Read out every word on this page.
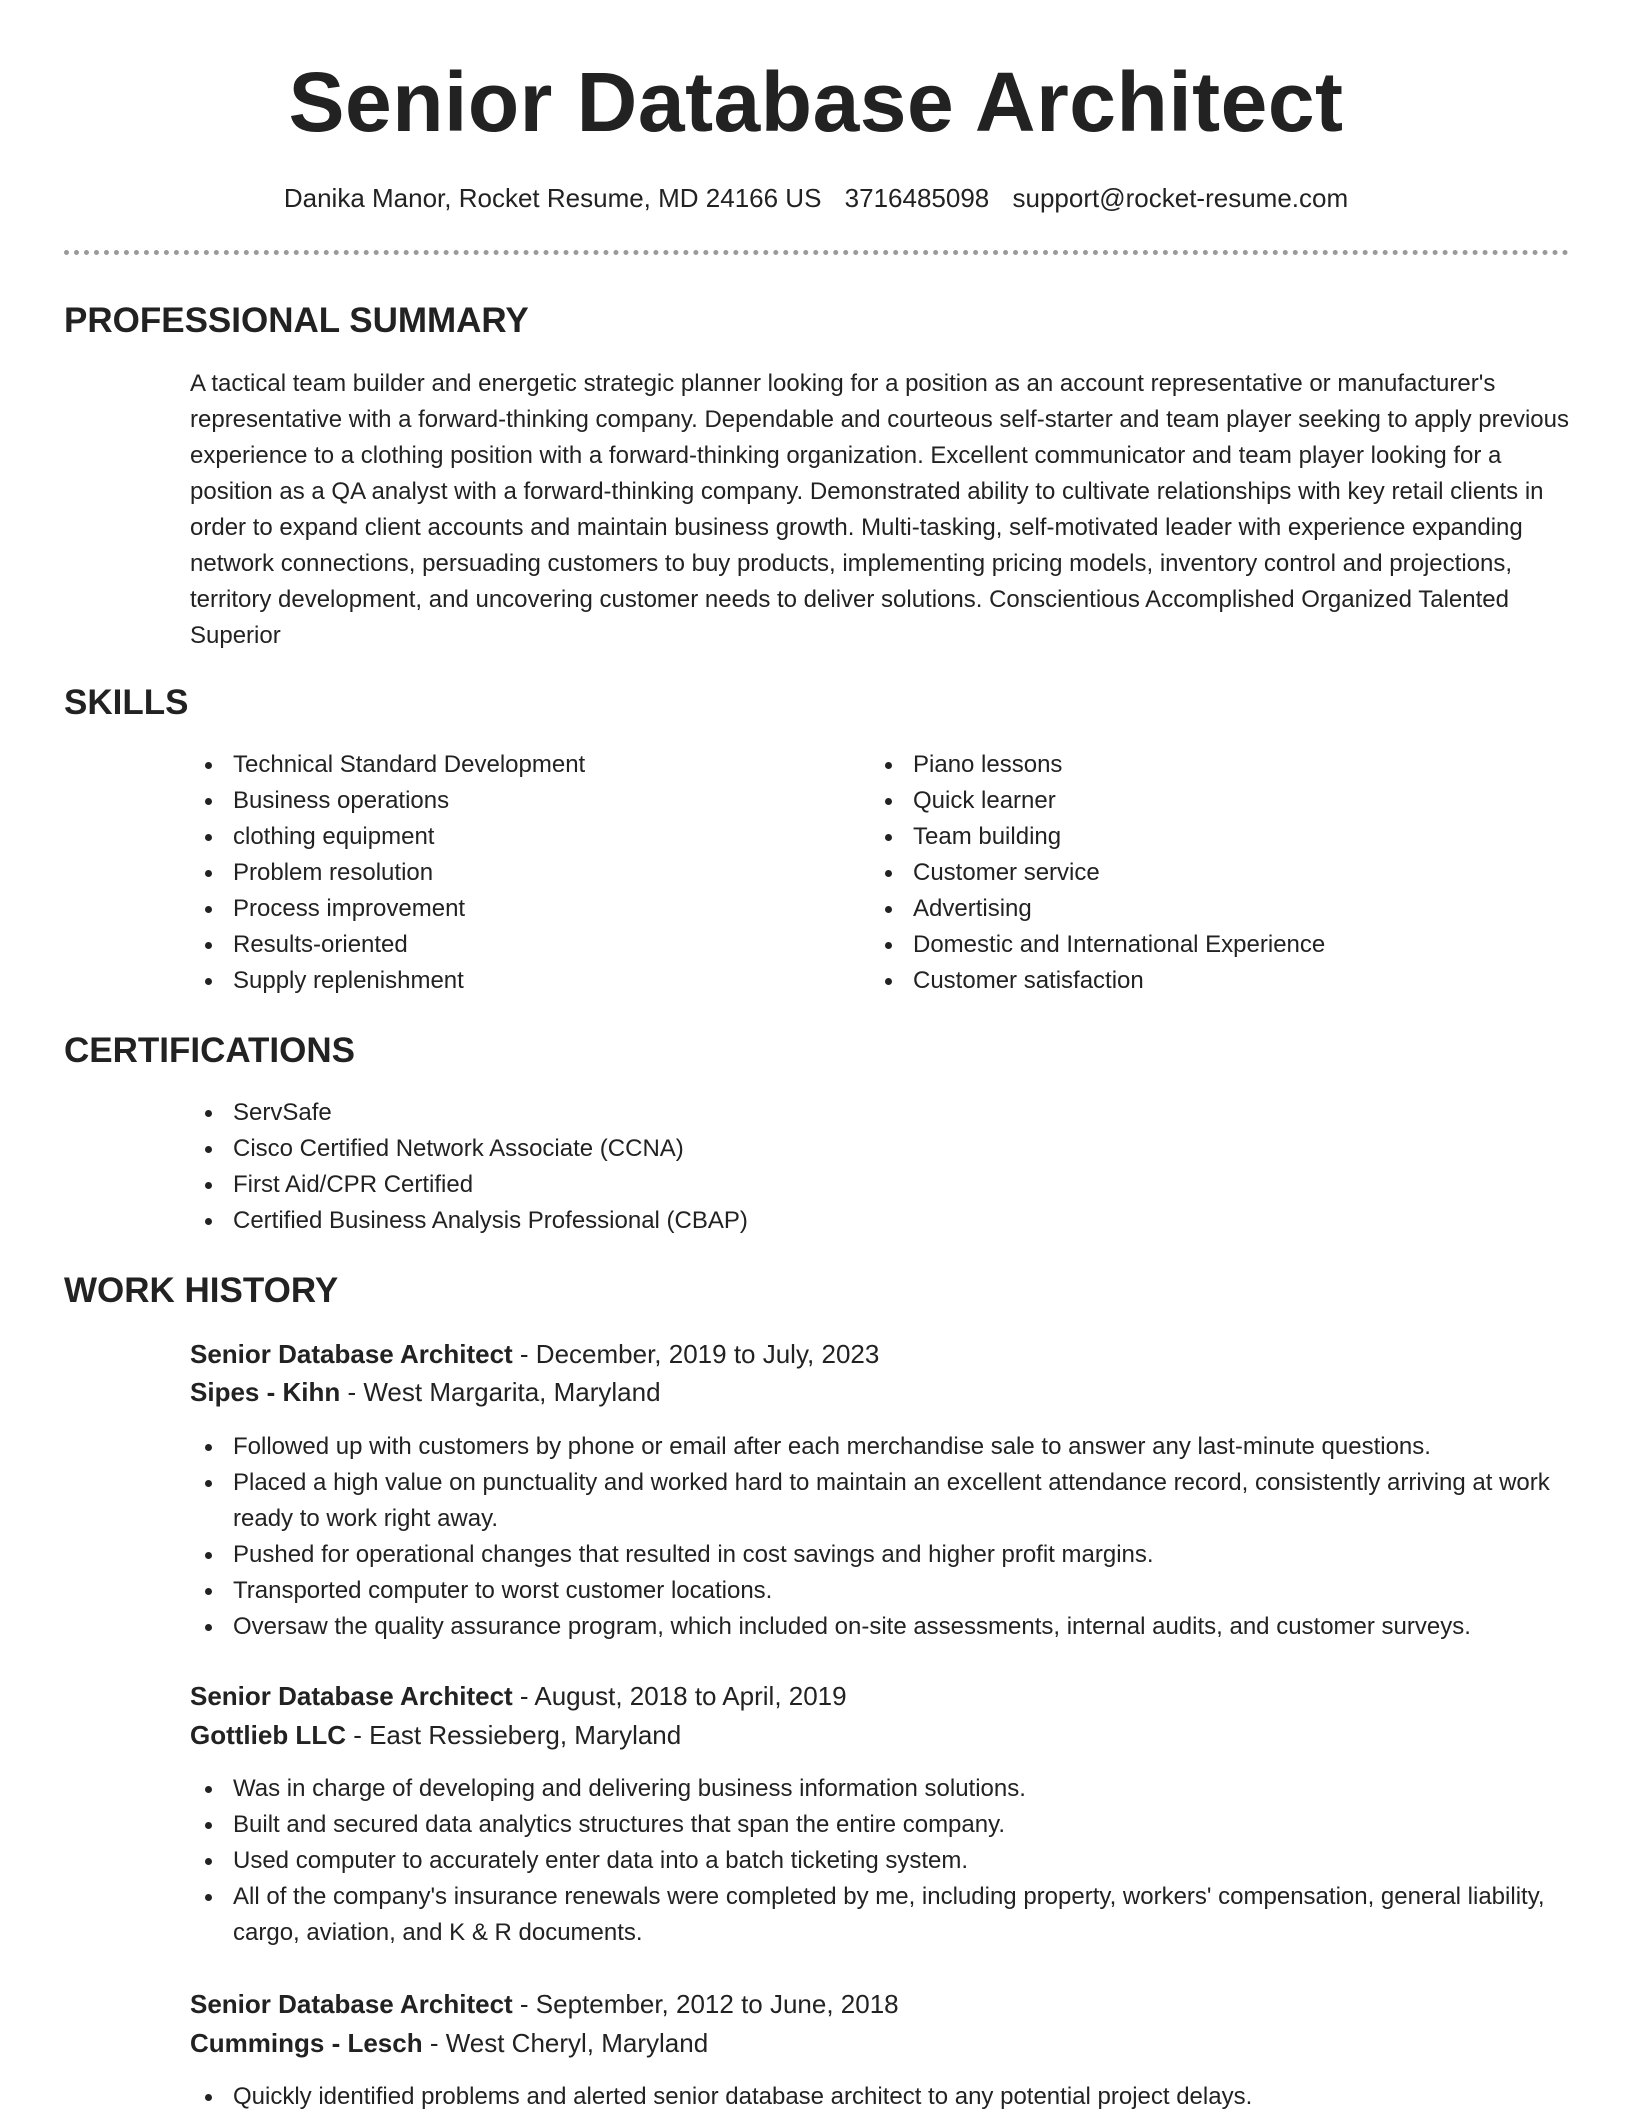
Senior Database Architect
Danika Manor, Rocket Resume, MD 24166 US 3716485098 support@rocket-resume.com
PROFESSIONAL SUMMARY

A tactical team builder and energetic strategic planner looking for a position as an account representative or manufacturer's representative with a forward-thinking company. Dependable and courteous self-starter and team player seeking to apply previous experience to a clothing position with a forward-thinking organization. Excellent communicator and team player looking for a position as a QA analyst with a forward-thinking company. Demonstrated ability to cultivate relationships with key retail clients in order to expand client accounts and maintain business growth. Multi-tasking, self-motivated leader with experience expanding network connections, persuading customers to buy products, implementing pricing models, inventory control and projections, territory development, and uncovering customer needs to deliver solutions. Conscientious Accomplished Organized Talented Superior

SKILLS
Technical Standard Development
Business operations
clothing equipment
Problem resolution
Process improvement
Results-oriented
Supply replenishment
Piano lessons
Quick learner
Team building
Customer service
Advertising
Domestic and International Experience
Customer satisfaction
CERTIFICATIONS
ServSafe
Cisco Certified Network Associate (CCNA)
First Aid/CPR Certified
Certified Business Analysis Professional (CBAP)
WORK HISTORY

Senior Database Architect - December, 2019 to July, 2023

Sipes - Kihn - West Margarita, Maryland

Followed up with customers by phone or email after each merchandise sale to answer any last-minute questions.
Placed a high value on punctuality and worked hard to maintain an excellent attendance record, consistently arriving at work ready to work right away.
Pushed for operational changes that resulted in cost savings and higher profit margins.
Transported computer to worst customer locations.
Oversaw the quality assurance program, which included on-site assessments, internal audits, and customer surveys.

Senior Database Architect - August, 2018 to April, 2019

Gottlieb LLC - East Ressieberg, Maryland

Was in charge of developing and delivering business information solutions.
Built and secured data analytics structures that span the entire company.
Used computer to accurately enter data into a batch ticketing system.
All of the company's insurance renewals were completed by me, including property, workers' compensation, general liability, cargo, aviation, and K & R documents.

Senior Database Architect - September, 2012 to June, 2018

Cummings - Lesch - West Cheryl, Maryland

Quickly identified problems and alerted senior database architect to any potential project delays.
